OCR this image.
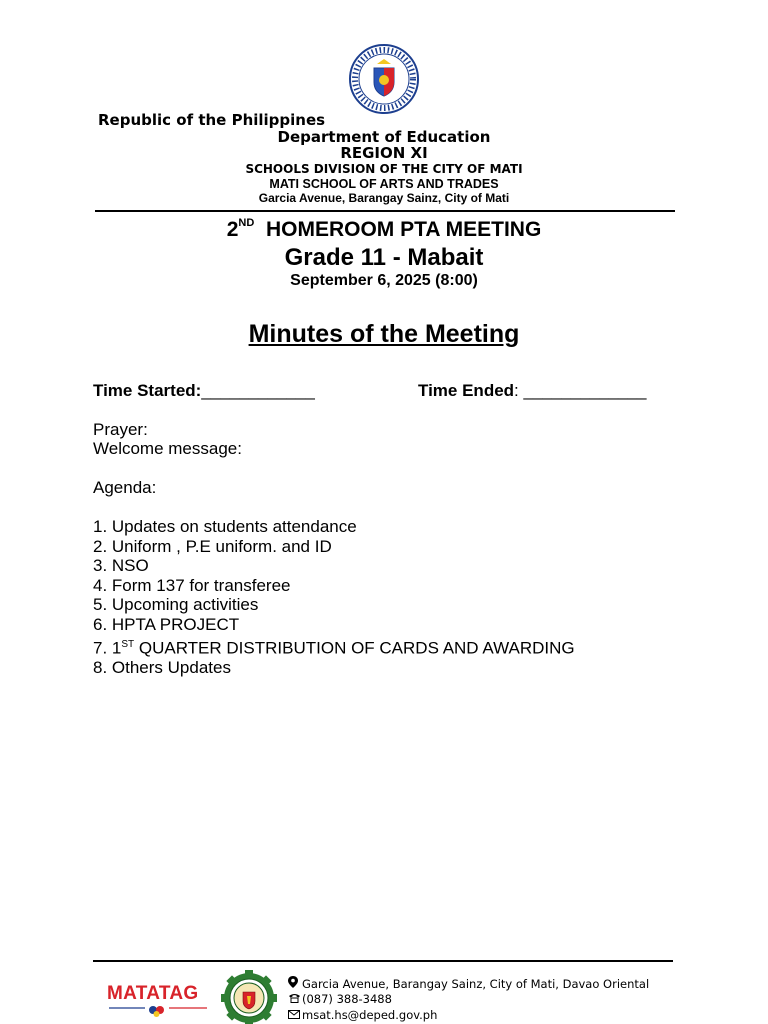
Republic of the Philippines
Department of Education
REGION XI
SCHOOLS DIVISION OF THE CITY OF MATI
MATI SCHOOL OF ARTS AND TRADES
Garcia Avenue, Barangay Sainz, City of Mati
2ND HOMEROOM PTA MEETING
Grade 11 - Mabait
September 6, 2025 (8:00)
Minutes of the Meeting
Time Started:____________	Time Ended: _____________
Prayer:
Welcome message:
Agenda:
1. Updates on students attendance
2. Uniform , P.E uniform. and ID
3. NSO
4. Form 137 for transferee
5. Upcoming activities
6. HPTA PROJECT
7. 1ST QUARTER DISTRIBUTION OF CARDS AND AWARDING
8. Others Updates
MATATAG	Garcia Avenue, Barangay Sainz, City of Mati, Davao Oriental
(087) 388-3488
msat.hs@deped.gov.ph
